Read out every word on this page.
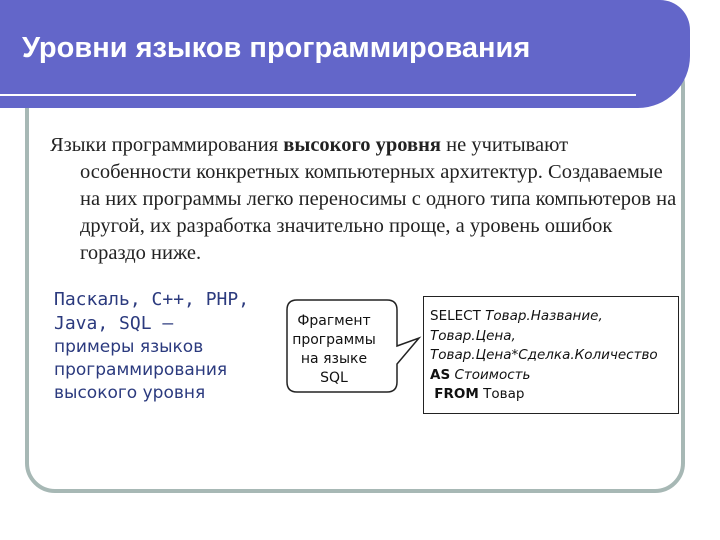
Уровни языков программирования
Языки программирования высокого уровня не учитывают особенности конкретных компьютерных архитектур. Создаваемые на них программы легко переносимы с одного типа компьютеров на другой, их разработка значительно проще, а уровень ошибок гораздо ниже.
Паскаль, С++, PHP,
Java, SQL –
примеры языков программирования высокого уровня
Фрагмент
программы
на языке
SQL
SELECT Товар.Название,
Товар.Цена,
Товар.Цена*Сделка.Количество
AS Стоимость
FROM Товар
